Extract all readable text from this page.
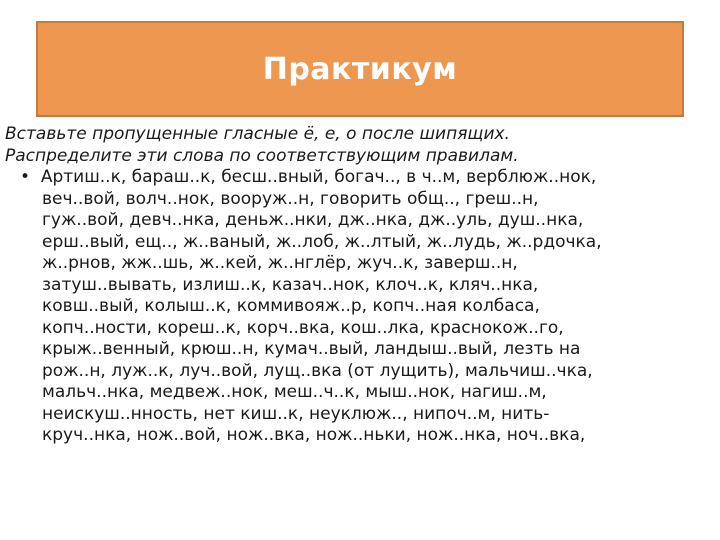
Практикум

Вставьте пропущенные гласные ё, е, о после шипящих.

Распределите эти слова по соответствующим правилам.

• Артиш..к, бараш..к, бесш..вный, богач.., в ч..м, верблюж..нок,

веч..вой, волч..нок, вооруж..н, говорить общ.., греш..н,

гуж..вой, девч..нка, деньж..нки, дж..нка, дж..уль, душ..нка,

ерш..вый, ещ.., ж..ваный, ж..лоб, ж..лтый, ж..лудь, ж..рдочка,

ж..рнов, жж..шь, ж..кей, ж..нглёр, жуч..к, заверш..н,

затуш..вывать, излиш..к, казач..нок, клоч..к, кляч..нка,

ковш..вый, колыш..к, коммивояж..р, копч..ная колбаса,

копч..ности, кореш..к, корч..вка, кош..лка, краснокож..го,

крыж..венный, крюш..н, кумач..вый, ландыш..вый, лезть на

рож..н, луж..к, луч..вой, лущ..вка (от лущить), мальчиш..чка,

мальч..нка, медвеж..нок, меш..ч..к, мыш..нок, нагиш..м,

неискуш..нность, нет киш..к, неуклюж.., нипоч..м, нить-

круч..нка, нож..вой, нож..вка, нож..ньки, нож..нка, ноч..вка,
